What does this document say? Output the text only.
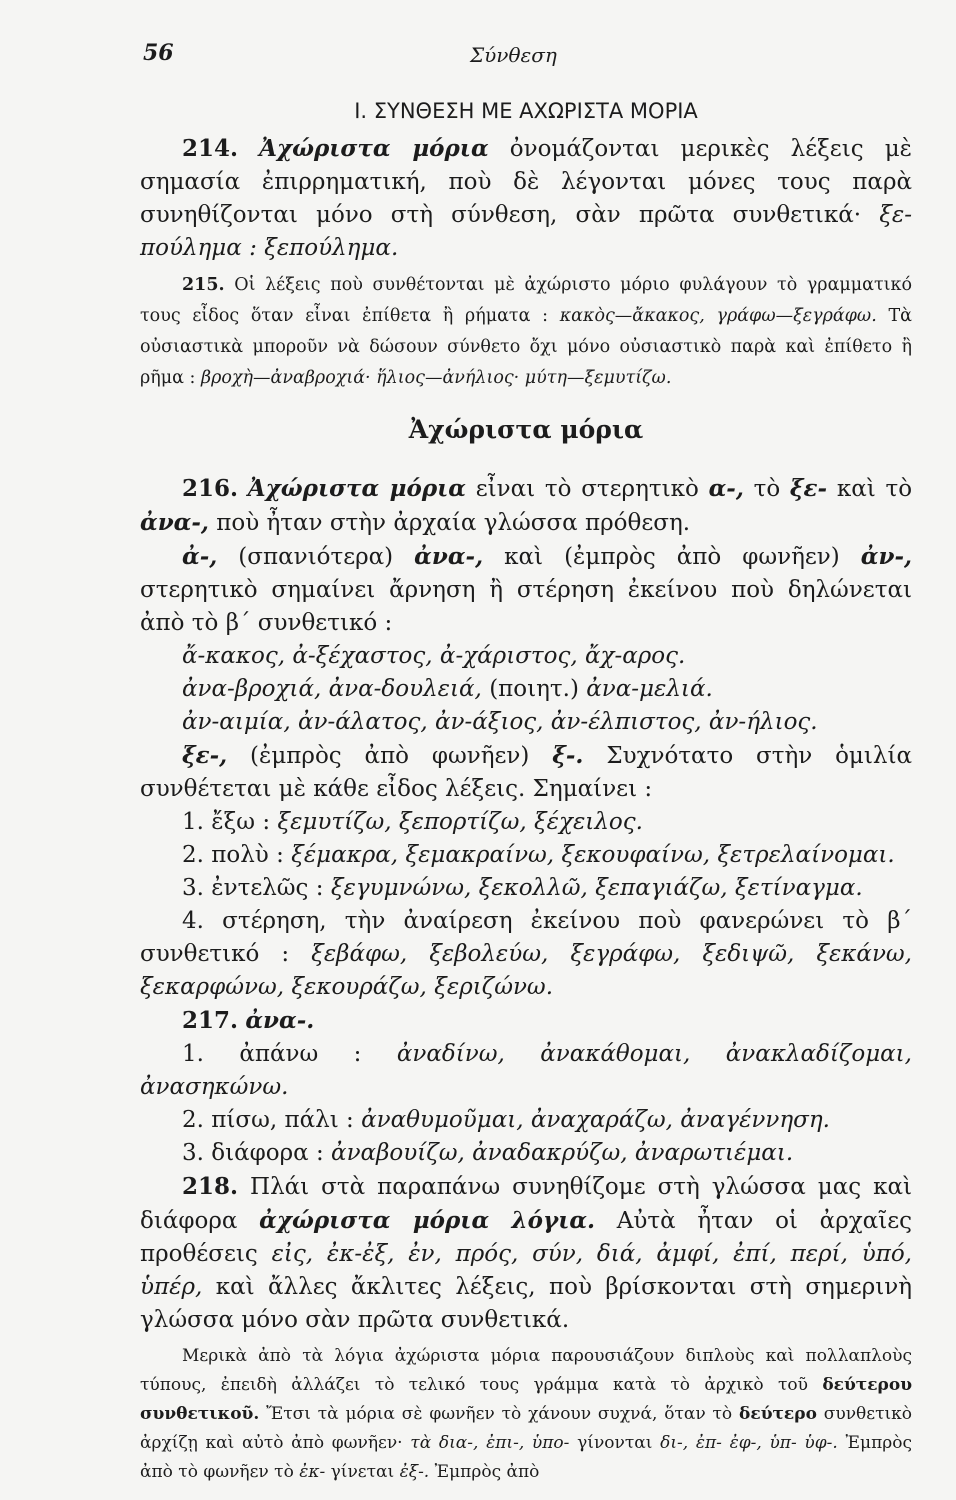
56	Σύνθεση
Ι. ΣΥΝΘΕΣΗ ΜΕ ΑΧΩΡΙΣΤΑ ΜΟΡΙΑ

214. Ἀχώριστα μόρια ὀνομάζονται μερικὲς λέξεις μὲ σημασία ἐπιρρηματική, ποὺ δὲ λέγονται μόνες τους παρὰ συνηθίζονται μόνο στὴ σύνθεση, σὰν πρῶτα συνθετικά· ξε-πούλημα : ξεπούλημα.

215. Οἱ λέξεις ποὺ συνθέτονται μὲ ἀχώριστο μόριο φυλάγουν τὸ γραμματικό τους εἶδος ὅταν εἶναι ἐπίθετα ἢ ρήματα : κακὸς—ἄκακος, γράφω—ξεγράφω. Τὰ οὐσιαστικὰ μποροῦν νὰ δώσουν σύνθετο ὄχι μόνο οὐσιαστικὸ παρὰ καὶ ἐπίθετο ἢ ρῆμα : βροχὴ—ἀναβροχιά· ἥλιος—ἀνήλιος· μύτη—ξεμυτίζω.

Ἀχώριστα μόρια

216. Ἀχώριστα μόρια εἶναι τὸ στερητικὸ α-, τὸ ξε- καὶ τὸ ἀνα-, ποὺ ἦταν στὴν ἀρχαία γλώσσα πρόθεση.

ἀ-, (σπανιότερα) ἀνα-, καὶ (ἐμπρὸς ἀπὸ φωνῆεν) ἀν-, στερητικὸ σημαίνει ἄρνηση ἢ στέρηση ἐκείνου ποὺ δηλώνεται ἀπὸ τὸ β΄ συνθετικό :

ἄ-κακος, ἀ-ξέχαστος, ἀ-χάριστος, ἄχ-αρος.

ἀνα-βροχιά, ἀνα-δουλειά, (ποιητ.) ἀνα-μελιά.

ἀν-αιμία, ἀν-άλατος, ἀν-άξιος, ἀν-έλπιστος, ἀν-ήλιος.

ξε-, (ἐμπρὸς ἀπὸ φωνῆεν) ξ-. Συχνότατο στὴν ὁμιλία συνθέτεται μὲ κάθε εἶδος λέξεις. Σημαίνει :

1. ἔξω : ξεμυτίζω, ξεπορτίζω, ξέχειλος.

2. πολὺ : ξέμακρα, ξεμακραίνω, ξεκουφαίνω, ξετρελαίνομαι.

3. ἐντελῶς : ξεγυμνώνω, ξεκολλῶ, ξεπαγιάζω, ξετίναγμα.

4. στέρηση, τὴν ἀναίρεση ἐκείνου ποὺ φανερώνει τὸ β΄ συνθετικό : ξεβάφω, ξεβολεύω, ξεγράφω, ξεδιψῶ, ξεκάνω, ξεκαρφώνω, ξεκουράζω, ξεριζώνω.

217. ἀνα-.

1. ἀπάνω : ἀναδίνω, ἀνακάθομαι, ἀνακλαδίζομαι, ἀνασηκώνω.

2. πίσω, πάλι : ἀναθυμοῦμαι, ἀναχαράζω, ἀναγέννηση.

3. διάφορα : ἀναβουίζω, ἀναδακρύζω, ἀναρωτιέμαι.

218. Πλάι στὰ παραπάνω συνηθίζομε στὴ γλώσσα μας καὶ διάφορα ἀχώριστα μόρια λόγια. Αὐτὰ ἦταν οἱ ἀρχαῖες προθέσεις εἰς, ἐκ-ἐξ, ἐν, πρός, σύν, διά, ἀμφί, ἐπί, περί, ὑπό, ὑπέρ, καὶ ἄλλες ἄκλιτες λέξεις, ποὺ βρίσκονται στὴ σημερινὴ γλώσσα μόνο σὰν πρῶτα συνθετικά.

Μερικὰ ἀπὸ τὰ λόγια ἀχώριστα μόρια παρουσιάζουν διπλοὺς καὶ πολλαπλοὺς τύπους, ἐπειδὴ ἀλλάζει τὸ τελικό τους γράμμα κατὰ τὸ ἀρχικὸ τοῦ δεύτερου συνθετικοῦ. Ἔτσι τὰ μόρια σὲ φωνῆεν τὸ χάνουν συχνά, ὅταν τὸ δεύτερο συνθετικὸ ἀρχίζῃ καὶ αὐτὸ ἀπὸ φωνῆεν· τὰ δια-, ἐπι-, ὑπο- γίνονται δι-, ἐπ- ἐφ-, ὑπ- ὑφ-. Ἐμπρὸς ἀπὸ τὸ φωνῆεν τὸ ἐκ- γίνεται ἐξ-. Ἐμπρὸς ἀπὸ
